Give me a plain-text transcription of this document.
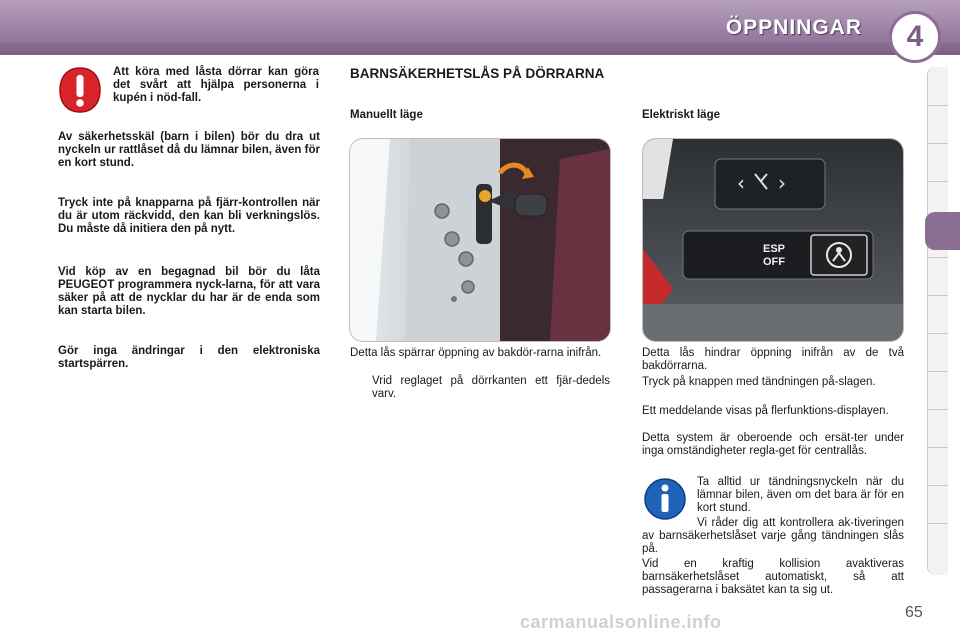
ÖPPNINGAR 4
Att köra med låsta dörrar kan göra det svårt att hjälpa personerna i kupén i nöd-fall.
Av säkerhetsskäl (barn i bilen) bör du dra ut nyckeln ur rattlåset då du lämnar bilen, även för en kort stund.
Tryck inte på knapparna på fjärr-kontrollen när du är utom räckvidd, den kan bli verkningslös. Du måste då initiera den på nytt.
Vid köp av en begagnad bil bör du låta PEUGEOT programmera nyck-larna, för att vara säker på att de nycklar du har är de enda som kan starta bilen.
Gör inga ändringar i den elektroniska startspärren.
BARNSÄKERHETSLÅS PÅ DÖRRARNA
Manuellt läge	Elektriskt läge
‹ ›
ESP
OFF
Detta lås spärrar öppning av bakdör-rarna inifrån.
Vrid reglaget på dörrkanten ett fjär-dedels varv.
Detta lås hindrar öppning inifrån av de två bakdörrarna.
Tryck på knappen med tändningen på-slagen.
Ett meddelande visas på flerfunktions-displayen.
Detta system är oberoende och ersät-ter under inga omständigheter regla-get för centrallås.
Ta alltid ur tändningsnyckeln när du lämnar bilen, även om det bara är för en kort stund.
Vi råder dig att kontrollera ak-tiveringen av barnsäkerhetslåset varje gång tändningen slås på.
Vid en kraftig kollision avaktiveras barnsäkerhetslåset automatiskt, så att passagerarna i baksätet kan ta sig ut.
65
carmanualsonline.info
